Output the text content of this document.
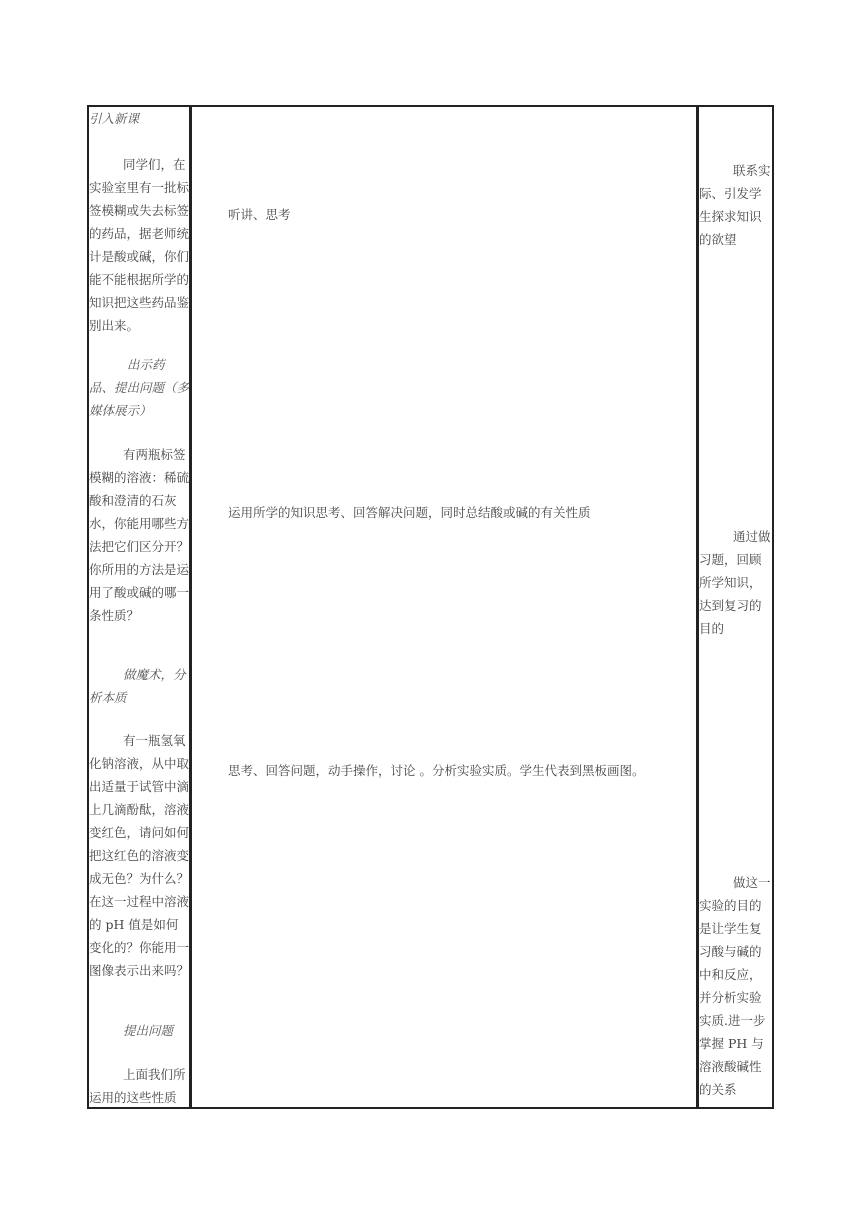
引入新课

同学们，在实验室里有一批标签模糊或失去标签的药品，据老师统计是酸或碱，你们能不能根据所学的知识把这些药品鉴别出来。

出示药品、提出问题（多媒体展示）

有两瓶标签模糊的溶液：稀硫酸和澄清的石灰水，你能用哪些方法把它们区分开？你所用的方法是运用了酸或碱的哪一条性质？

做魔术，分析本质

有一瓶氢氧化钠溶液，从中取出适量于试管中滴上几滴酚酞，溶液变红色，请问如何把这红色的溶液变成无色？为什么？在这一过程中溶液的 pH 值是如何变化的？你能用一图像表示出来吗？

提出问题

上面我们所运用的这些性质

听讲、思考

运用所学的知识思考、回答解决问题，同时总结酸或碱的有关性质

思考、回答问题，动手操作，讨论 。分析实验实质。学生代表到黑板画图。

联系实际、引发学生探求知识的欲望

通过做习题，回顾所学知识，达到复习的目的

做这一实验的目的是让学生复习酸与碱的中和反应，并分析实验实质.进一步掌握 PH 与溶液酸碱性的关系
